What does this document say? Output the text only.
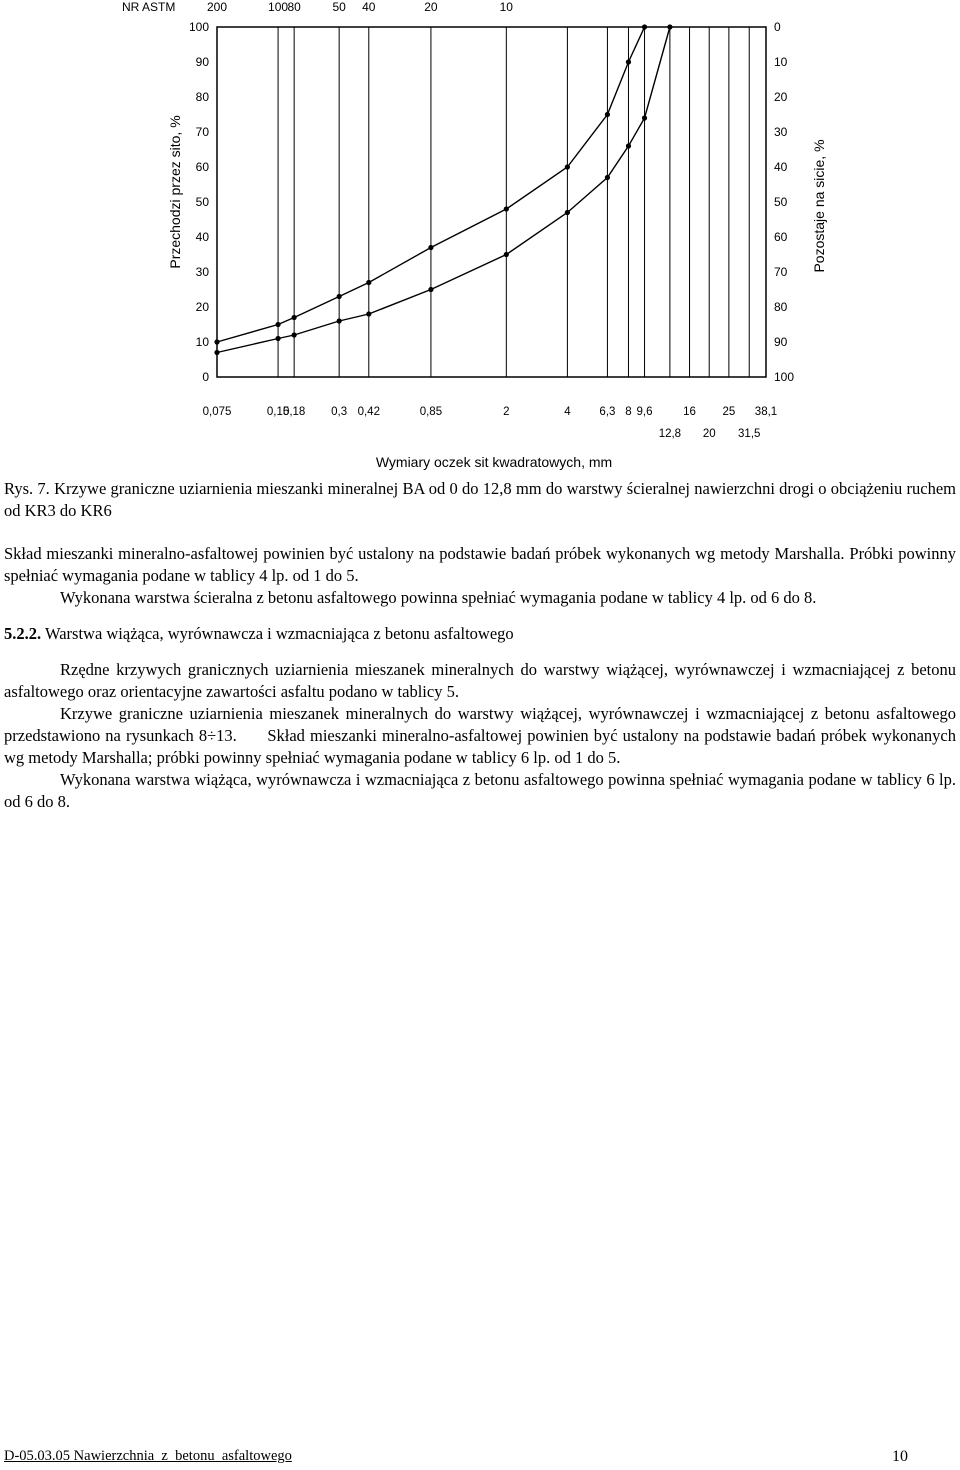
NR ASTM	200	100 80	50 40	20	10
0
10
20
30
40
50
60
70
80
90
100
100
90
80
70
60
50
40
30
20
10
0
0,075	0,15
0,18 0,3 0,42	0,85	2	4	6,3 8 9,6	16 25 38,1
12,8 20 31,5
Przechodzi przez sito, %	Pozostaje na sicie, %
Wymiary oczek sit kwadratowych, mm
Rys. 7. Krzywe graniczne uziarnienia mieszanki mineralnej BA od 0 do 12,8 mm do warstwy ścieralnej nawierzchni drogi o obciążeniu ruchem od KR3 do KR6

Skład mieszanki mineralno-asfaltowej powinien być ustalony na podstawie badań próbek wykonanych wg metody Marshalla. Próbki powinny spełniać wymagania podane w tablicy 4 lp. od 1 do 5.

Wykonana warstwa ścieralna z betonu asfaltowego powinna spełniać wymagania podane w tablicy 4 lp. od 6 do 8.

5.2.2. Warstwa wiążąca, wyrównawcza i wzmacniająca z betonu asfaltowego

Rzędne krzywych granicznych uziarnienia mieszanek mineralnych do warstwy wiążącej, wyrównawczej i wzmacniającej z betonu asfaltowego oraz orientacyjne zawartości asfaltu podano w tablicy 5.

Krzywe graniczne uziarnienia mieszanek mineralnych do warstwy wiążącej, wyrównawczej i wzmacniającej z betonu asfaltowego przedstawiono na rysunkach 8÷13.      Skład mieszanki mineralno-asfaltowej powinien być ustalony na podstawie badań próbek wykonanych wg metody Marshalla; próbki powinny spełniać wymagania podane w tablicy 6 lp. od 1 do 5.

Wykonana warstwa wiążąca, wyrównawcza i wzmacniająca z betonu asfaltowego powinna spełniać wymagania podane w tablicy 6 lp. od 6 do 8.

D-05.03.05 Nawierzchnia  z  betonu  asfaltowego	10
